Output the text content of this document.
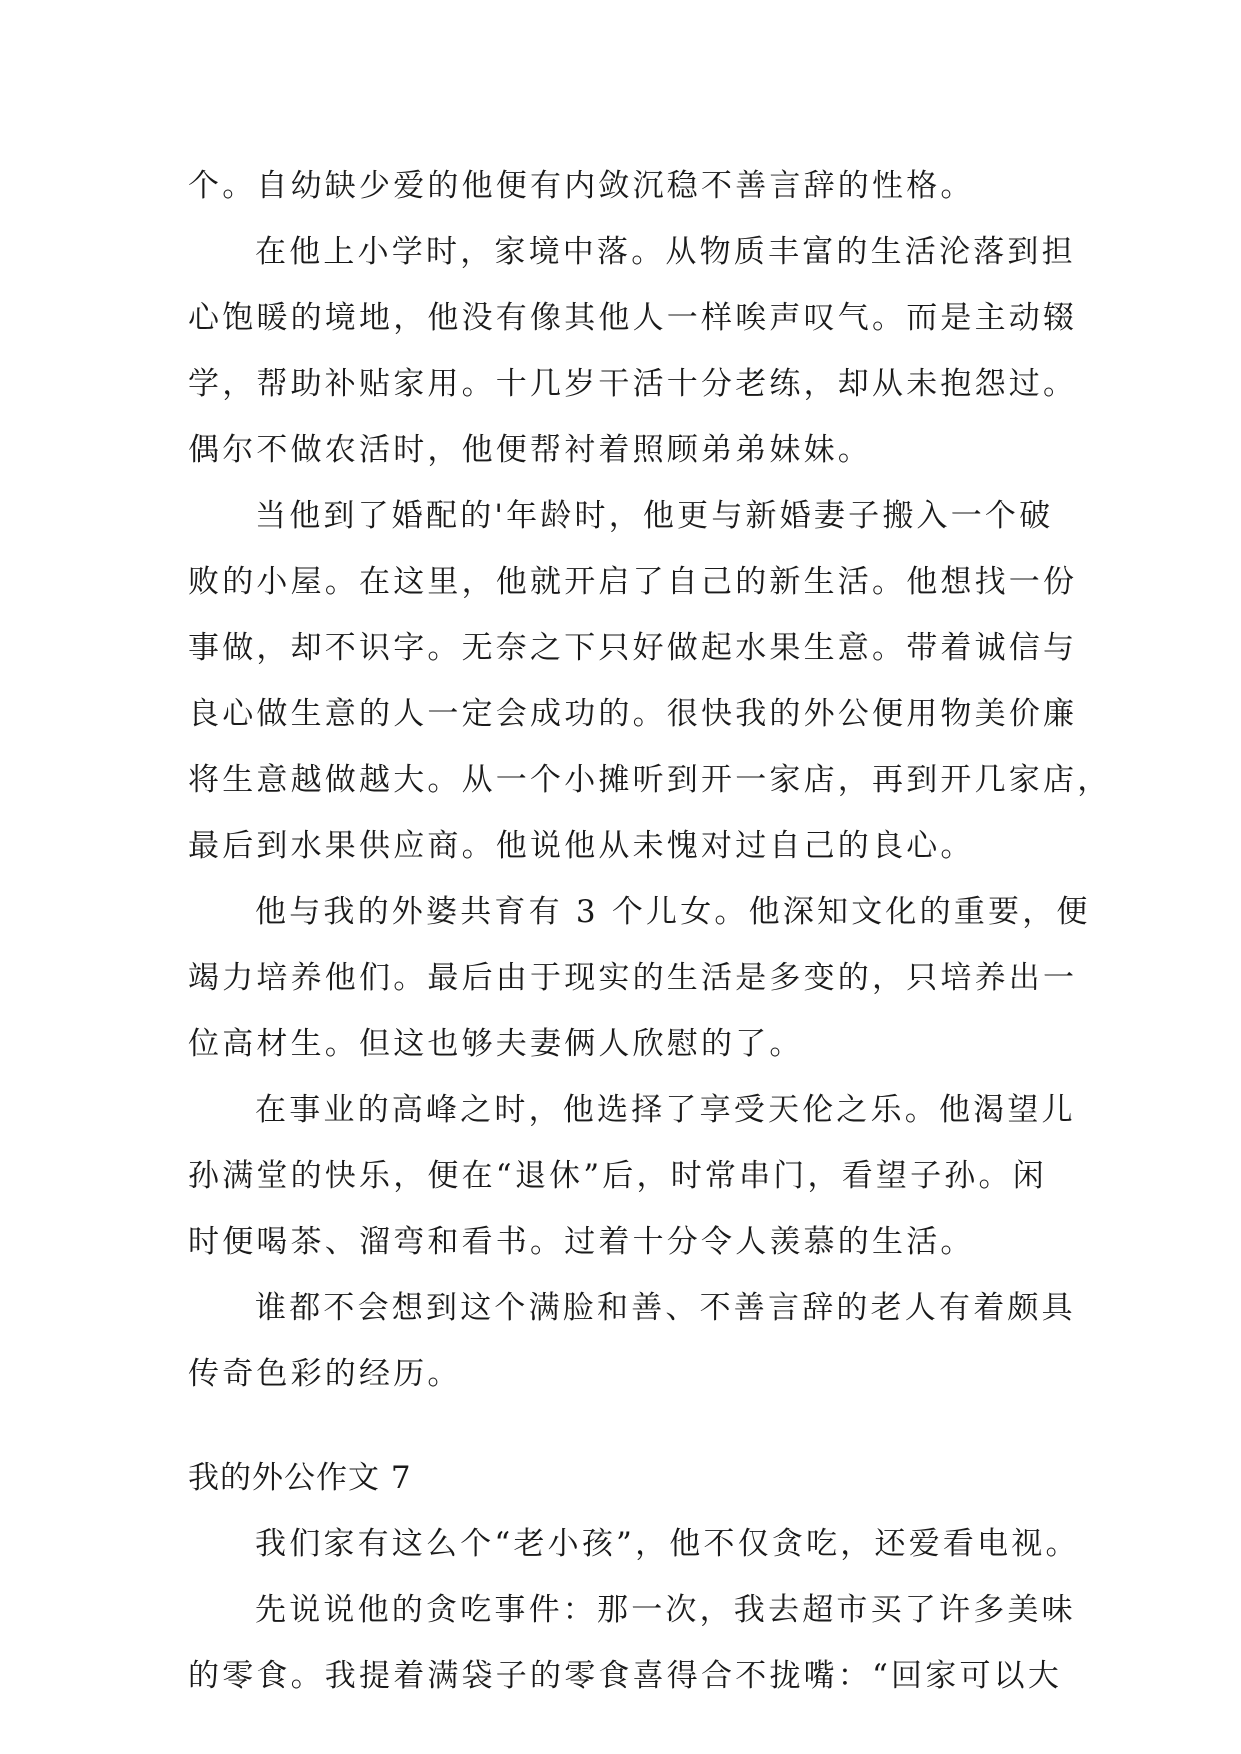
个。自幼缺少爱的他便有内敛沉稳不善言辞的性格。
在他上小学时，家境中落。从物质丰富的生活沦落到担
心饱暖的境地，他没有像其他人一样唉声叹气。而是主动辍
学，帮助补贴家用。十几岁干活十分老练，却从未抱怨过。
偶尔不做农活时，他便帮衬着照顾弟弟妹妹。
当他到了婚配的'年龄时，他更与新婚妻子搬入一个破
败的小屋。在这里，他就开启了自己的新生活。他想找一份
事做，却不识字。无奈之下只好做起水果生意。带着诚信与
良心做生意的人一定会成功的。很快我的外公便用物美价廉
将生意越做越大。从一个小摊听到开一家店，再到开几家店，
最后到水果供应商。他说他从未愧对过自己的良心。
他与我的外婆共育有 3 个儿女。他深知文化的重要，便
竭力培养他们。最后由于现实的生活是多变的，只培养出一
位高材生。但这也够夫妻俩人欣慰的了。
在事业的高峰之时，他选择了享受天伦之乐。他渴望儿
孙满堂的快乐，便在“退休”后，时常串门，看望子孙。闲
时便喝茶、溜弯和看书。过着十分令人羡慕的生活。
谁都不会想到这个满脸和善、不善言辞的老人有着颇具
传奇色彩的经历。
我的外公作文 7
我们家有这么个“老小孩”，他不仅贪吃，还爱看电视。
先说说他的贪吃事件：那一次，我去超市买了许多美味
的零食。我提着满袋子的零食喜得合不拢嘴：“回家可以大
